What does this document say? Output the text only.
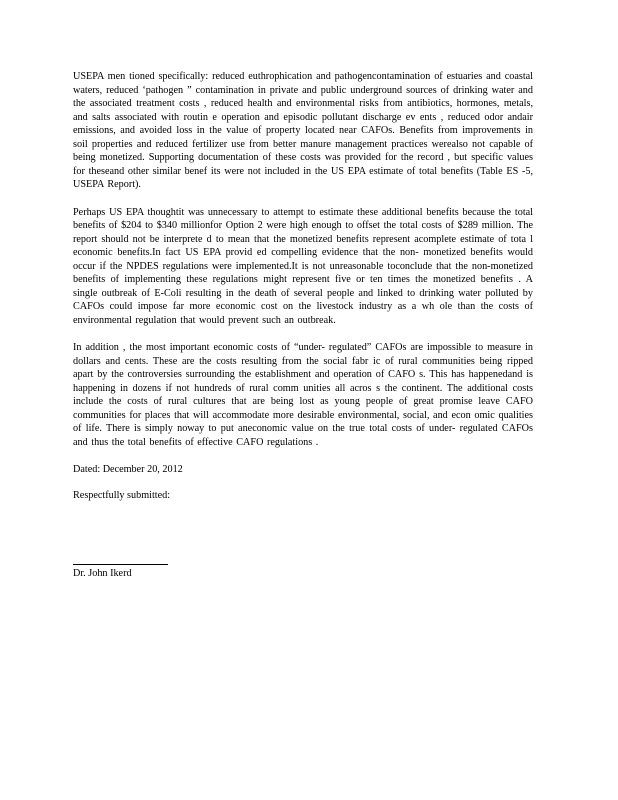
USEPA men tioned specifically: reduced euthrophication and pathogencontamination of estuaries and coastal waters, reduced ‘pathogen ” contamination in private and public underground sources of drinking water and the associated treatment costs , reduced health and environmental risks from antibiotics, hormones, metals, and salts associated with routin e operation and episodic pollutant discharge ev ents , reduced odor andair emissions, and avoided loss in the value of property located near CAFOs. Benefits from improvements in soil properties and reduced fertilizer use from better manure management practices werealso not capable of being monetized. Supporting documentation of these costs was provided for the record , but specific values for theseand other similar benef its were not included in the US EPA estimate of total benefits (Table ES -5, USEPA Report).

Perhaps US EPA thoughtit was unnecessary to attempt to estimate these additional benefits because the total benefits of $204 to $340 millionfor Option 2 were high enough to offset the total costs of $289 million. The report should not be interprete d to mean that the monetized benefits represent acomplete estimate of tota l economic benefits.In fact US EPA provid ed compelling evidence that the non- monetized benefits would occur if the NPDES regulations were implemented.It is not unreasonable toconclude that the non-monetized benefits of implementing these regulations might represent five or ten times the monetized benefits . A single outbreak of E-Coli resulting in the death of several people and linked to drinking water polluted by CAFOs could impose far more economic cost on the livestock industry as a wh ole than the costs of environmental regulation that would prevent such an outbreak.

In addition , the most important economic costs of “under- regulated” CAFOs are impossible to measure in dollars and cents. These are the costs resulting from the social fabr ic of rural communities being ripped apart by the controversies surrounding the establishment and operation of CAFO s. This has happenedand is happening in dozens if not hundreds of rural comm unities all acros s the continent. The additional costs include the costs of rural cultures that are being lost as young people of great promise leave CAFO communities for places that will accommodate more desirable environmental, social, and econ omic qualities of life. There is simply noway to put aneconomic value on the true total costs of under- regulated CAFOs and thus the total benefits of effective CAFO regulations .

Dated: December 20, 2012

Respectfully submitted:

Dr. John Ikerd
